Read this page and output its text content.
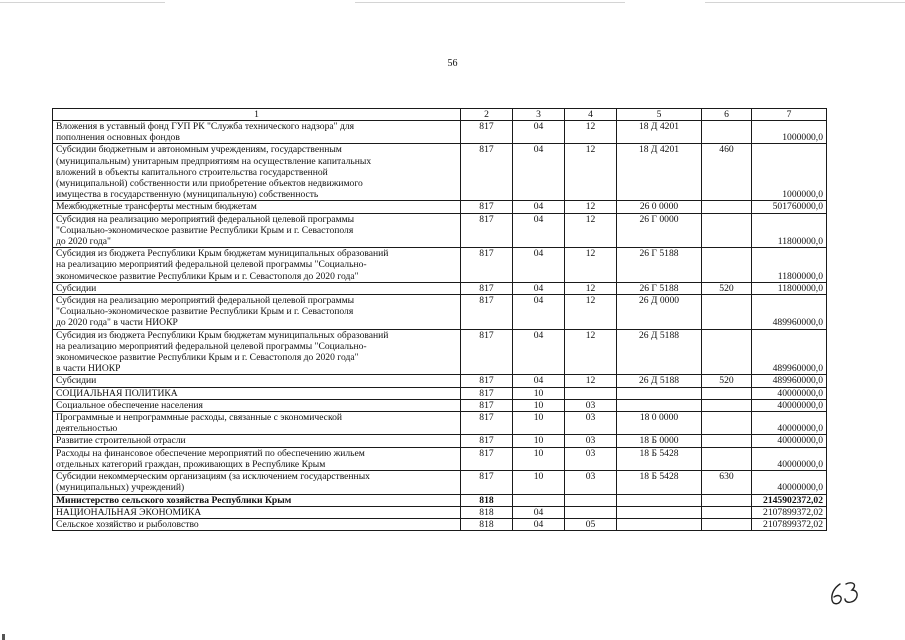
56
1	2	3	4	5	6	7
Вложения в уставный фонд ГУП РК "Служба технического надзора" для
пополнения основных фондов	817	04	12	18 Д 4201		1000000,0
Субсидии бюджетным и автономным учреждениям, государственным
(муниципальным) унитарным предприятиям на осуществление капитальных
вложений в объекты капитального строительства государственной
(муниципальной) собственности или приобретение объектов недвижимого
имущества в государственную (муниципальную) собственность	817	04	12	18 Д 4201	460	1000000,0
Межбюджетные трансферты местным бюджетам	817	04	12	26 0 0000		501760000,0
Субсидия на реализацию мероприятий федеральной целевой программы
"Социально-экономическое развитие Республики Крым и г. Севастополя
до 2020 года"	817	04	12	26 Г 0000		11800000,0
Субсидия из бюджета Республики Крым бюджетам муниципальных образований
на реализацию мероприятий федеральной целевой программы "Социально-
экономическое развитие Республики Крым и г. Севастополя до 2020 года"	817	04	12	26 Г 5188		11800000,0
Субсидии	817	04	12	26 Г 5188	520	11800000,0
Субсидия на реализацию мероприятий федеральной целевой программы
"Социально-экономическое развитие Республики Крым и г. Севастополя
до 2020 года" в части НИОКР	817	04	12	26 Д 0000		489960000,0
Субсидия из бюджета Республики Крым бюджетам муниципальных образований
на реализацию мероприятий федеральной целевой программы "Социально-
экономическое развитие Республики Крым и г. Севастополя до 2020 года"
в части НИОКР	817	04	12	26 Д 5188		489960000,0
Субсидии	817	04	12	26 Д 5188	520	489960000,0
СОЦИАЛЬНАЯ ПОЛИТИКА	817	10				40000000,0
Социальное обеспечение населения	817	10	03			40000000,0
Программные и непрограммные расходы, связанные с экономической
деятельностью	817	10	03	18 0 0000		40000000,0
Развитие строительной отрасли	817	10	03	18 Б 0000		40000000,0
Расходы на финансовое обеспечение мероприятий по обеспечению жильем
отдельных категорий граждан, проживающих в Республике Крым	817	10	03	18 Б 5428		40000000,0
Субсидии некоммерческим организациям (за исключением государственных
(муниципальных) учреждений)	817	10	03	18 Б 5428	630	40000000,0
Министерство сельского хозяйства Республики Крым	818					2145902372,02
НАЦИОНАЛЬНАЯ ЭКОНОМИКА	818	04				2107899372,02
Сельское хозяйство и рыболовство	818	04	05			2107899372,02
